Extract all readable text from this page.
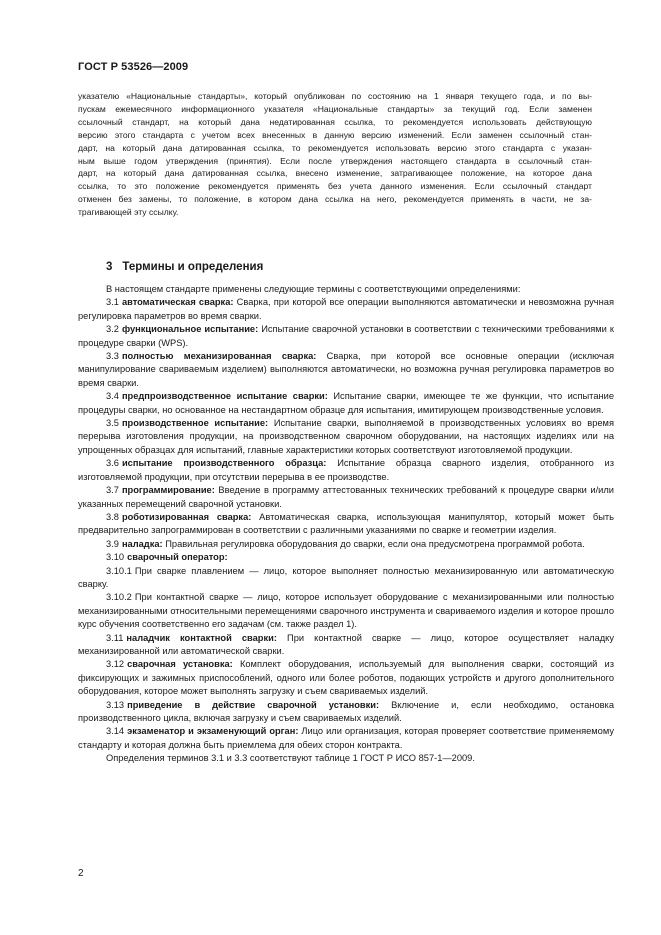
ГОСТ Р 53526—2009
указателю «Национальные стандарты», который опубликован по состоянию на 1 января текущего года, и по вы-
пускам ежемесячного информационного указателя «Национальные стандарты» за текущий год. Если заменен
ссылочный стандарт, на который дана недатированная ссылка, то рекомендуется использовать действующую
версию этого стандарта с учетом всех внесенных в данную версию изменений. Если заменен ссылочный стан-
дарт, на который дана датированная ссылка, то рекомендуется использовать версию этого стандарта с указан-
ным выше годом утверждения (принятия). Если после утверждения настоящего стандарта в ссылочный стан-
дарт, на который дана датированная ссылка, внесено изменение, затрагивающее положение, на которое дана
ссылка, то это положение рекомендуется применять без учета данного изменения. Если ссылочный стандарт
отменен без замены, то положение, в котором дана ссылка на него, рекомендуется применять в части, не за-
трагивающей эту ссылку.
3 Термины и определения

В настоящем стандарте применены следующие термины с соответствующими определениями:

3.1 автоматическая сварка: Сварка, при которой все операции выполняются автоматически и невозможна ручная регулировка параметров во время сварки.

3.2 функциональное испытание: Испытание сварочной установки в соответствии с техническими требованиями к процедуре сварки (WPS).

3.3 полностью механизированная сварка: Сварка, при которой все основные операции (исключая манипулирование свариваемым изделием) выполняются автоматически, но возможна ручная регулировка параметров во время сварки.

3.4 предпроизводственное испытание сварки: Испытание сварки, имеющее те же функции, что испытание процедуры сварки, но основанное на нестандартном образце для испытания, имитирующем производственные условия.

3.5 производственное испытание: Испытание сварки, выполняемой в производственных условиях во время перерыва изготовления продукции, на производственном сварочном оборудовании, на настоящих изделиях или на упрощенных образцах для испытаний, главные характеристики которых соответствуют изготовляемой продукции.

3.6 испытание производственного образца: Испытание образца сварного изделия, отобранного из изготовляемой продукции, при отсутствии перерыва в ее производстве.

3.7 программирование: Введение в программу аттестованных технических требований к процедуре сварки и/или указанных перемещений сварочной установки.

3.8 роботизированная сварка: Автоматическая сварка, использующая манипулятор, который может быть предварительно запрограммирован в соответствии с различными указаниями по сварке и геометрии изделия.

3.9 наладка: Правильная регулировка оборудования до сварки, если она предусмотрена программой робота.

3.10 сварочный оператор:

3.10.1 При сварке плавлением — лицо, которое выполняет полностью механизированную или автоматическую сварку.

3.10.2 При контактной сварке — лицо, которое использует оборудование с механизированными или полностью механизированными относительными перемещениями сварочного инструмента и свариваемого изделия и которое прошло курс обучения соответственно его задачам (см. также раздел 1).

3.11 наладчик контактной сварки: При контактной сварке — лицо, которое осуществляет наладку механизированной или автоматической сварки.

3.12 сварочная установка: Комплект оборудования, используемый для выполнения сварки, состоящий из фиксирующих и зажимных приспособлений, одного или более роботов, подающих устройств и другого дополнительного оборудования, которое может выполнять загрузку и съем свариваемых изделий.

3.13 приведение в действие сварочной установки: Включение и, если необходимо, остановка производственного цикла, включая загрузку и съем свариваемых изделий.

3.14 экзаменатор и экзаменующий орган: Лицо или организация, которая проверяет соответствие применяемому стандарту и которая должна быть приемлема для обеих сторон контракта.

Определения терминов 3.1 и 3.3 соответствуют таблице 1 ГОСТ Р ИСО 857-1—2009.

2
